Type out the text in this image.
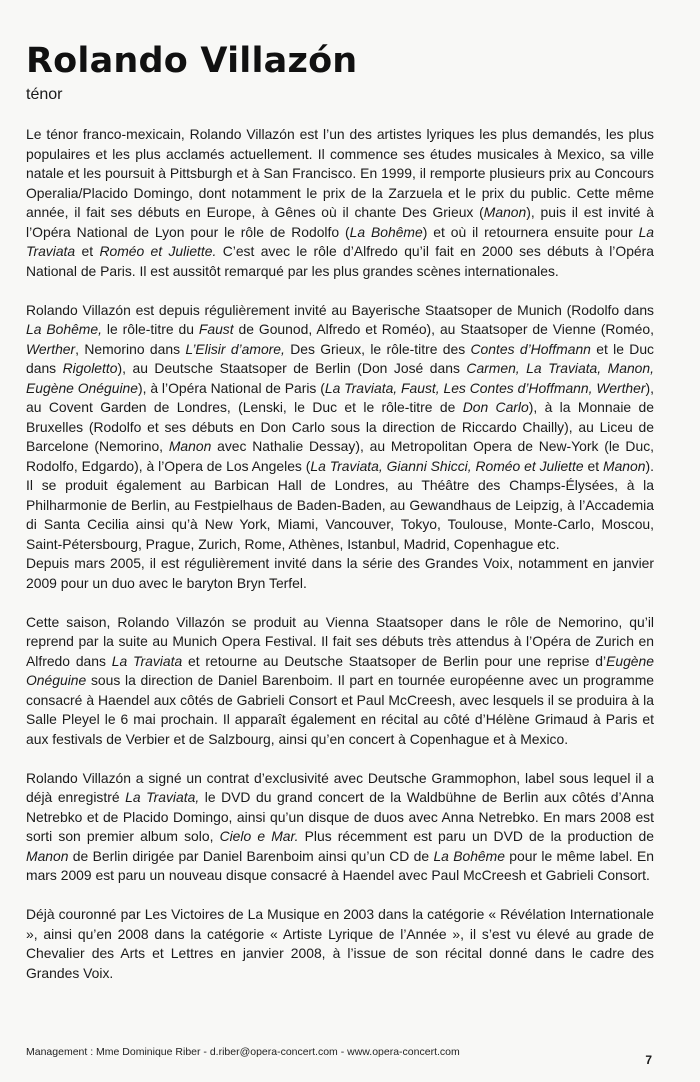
Rolando Villazón
ténor

Le ténor franco-mexicain, Rolando Villazón est l’un des artistes lyriques les plus demandés, les plus populaires et les plus acclamés actuellement. Il commence ses études musicales à Mexico, sa ville natale et les poursuit à Pittsburgh et à San Francisco. En 1999, il remporte plusieurs prix au Concours Operalia/Placido Domingo, dont notamment le prix de la Zarzuela et le prix du public. Cette même année, il fait ses débuts en Europe, à Gênes où il chante Des Grieux (Manon), puis il est invité à l’Opéra National de Lyon pour le rôle de Rodolfo (La Bohême) et où il retournera ensuite pour La Traviata et Roméo et Juliette. C’est avec le rôle d’Alfredo qu’il fait en 2000 ses débuts à l’Opéra National de Paris. Il est aussitôt remarqué par les plus grandes scènes internationales.

Rolando Villazón est depuis régulièrement invité au Bayerische Staatsoper de Munich (Rodolfo dans La Bohême, le rôle-titre du Faust de Gounod, Alfredo et Roméo), au Staatsoper de Vienne (Roméo, Werther, Nemorino dans L’Elisir d’amore, Des Grieux, le rôle-titre des Contes d’Hoffmann et le Duc dans Rigoletto), au Deutsche Staatsoper de Berlin (Don José dans Carmen, La Traviata, Manon, Eugène Onéguine), à l’Opéra National de Paris (La Traviata, Faust, Les Contes d’Hoffmann, Werther), au Covent Garden de Londres, (Lenski, le Duc et le rôle-titre de Don Carlo), à la Monnaie de Bruxelles (Rodolfo et ses débuts en Don Carlo sous la direction de Riccardo Chailly), au Liceu de Barcelone (Nemorino, Manon avec Nathalie Dessay), au Metropolitan Opera de New-York (le Duc, Rodolfo, Edgardo), à l’Opera de Los Angeles (La Traviata, Gianni Shicci, Roméo et Juliette et Manon). Il se produit également au Barbican Hall de Londres, au Théâtre des Champs-Élysées, à la Philharmonie de Berlin, au Festpielhaus de Baden-Baden, au Gewandhaus de Leipzig, à l’Accademia di Santa Cecilia ainsi qu’à New York, Miami, Vancouver, Tokyo, Toulouse, Monte-Carlo, Moscou, Saint-Pétersbourg, Prague, Zurich, Rome, Athènes, Istanbul, Madrid, Copenhague etc.

Depuis mars 2005, il est régulièrement invité dans la série des Grandes Voix, notamment en janvier 2009 pour un duo avec le baryton Bryn Terfel.

Cette saison, Rolando Villazón se produit au Vienna Staatsoper dans le rôle de Nemorino, qu’il reprend par la suite au Munich Opera Festival. Il fait ses débuts très attendus à l’Opéra de Zurich en Alfredo dans La Traviata et retourne au Deutsche Staatsoper de Berlin pour une reprise d’Eugène Onéguine sous la direction de Daniel Barenboim. Il part en tournée européenne avec un programme consacré à Haendel aux côtés de Gabrieli Consort et Paul McCreesh, avec lesquels il se produira à la Salle Pleyel le 6 mai prochain. Il apparaît également en récital au côté d’Hélène Grimaud à Paris et aux festivals de Verbier et de Salzbourg, ainsi qu’en concert à Copenhague et à Mexico.

Rolando Villazón a signé un contrat d’exclusivité avec Deutsche Grammophon, label sous lequel il a déjà enregistré La Traviata, le DVD du grand concert de la Waldbühne de Berlin aux côtés d’Anna Netrebko et de Placido Domingo, ainsi qu’un disque de duos avec Anna Netrebko. En mars 2008 est sorti son premier album solo, Cielo e Mar. Plus récemment est paru un DVD de la production de Manon de Berlin dirigée par Daniel Barenboim ainsi qu’un CD de La Bohême pour le même label. En mars 2009 est paru un nouveau disque consacré à Haendel avec Paul McCreesh et Gabrieli Consort.

Déjà couronné par Les Victoires de La Musique en 2003 dans la catégorie « Révélation Internationale », ainsi qu’en 2008 dans la catégorie « Artiste Lyrique de l’Année », il s’est vu élevé au grade de Chevalier des Arts et Lettres en janvier 2008, à l’issue de son récital donné dans le cadre des Grandes Voix.

Management : Mme Dominique Riber - d.riber@opera-concert.com - www.opera-concert.com
7
